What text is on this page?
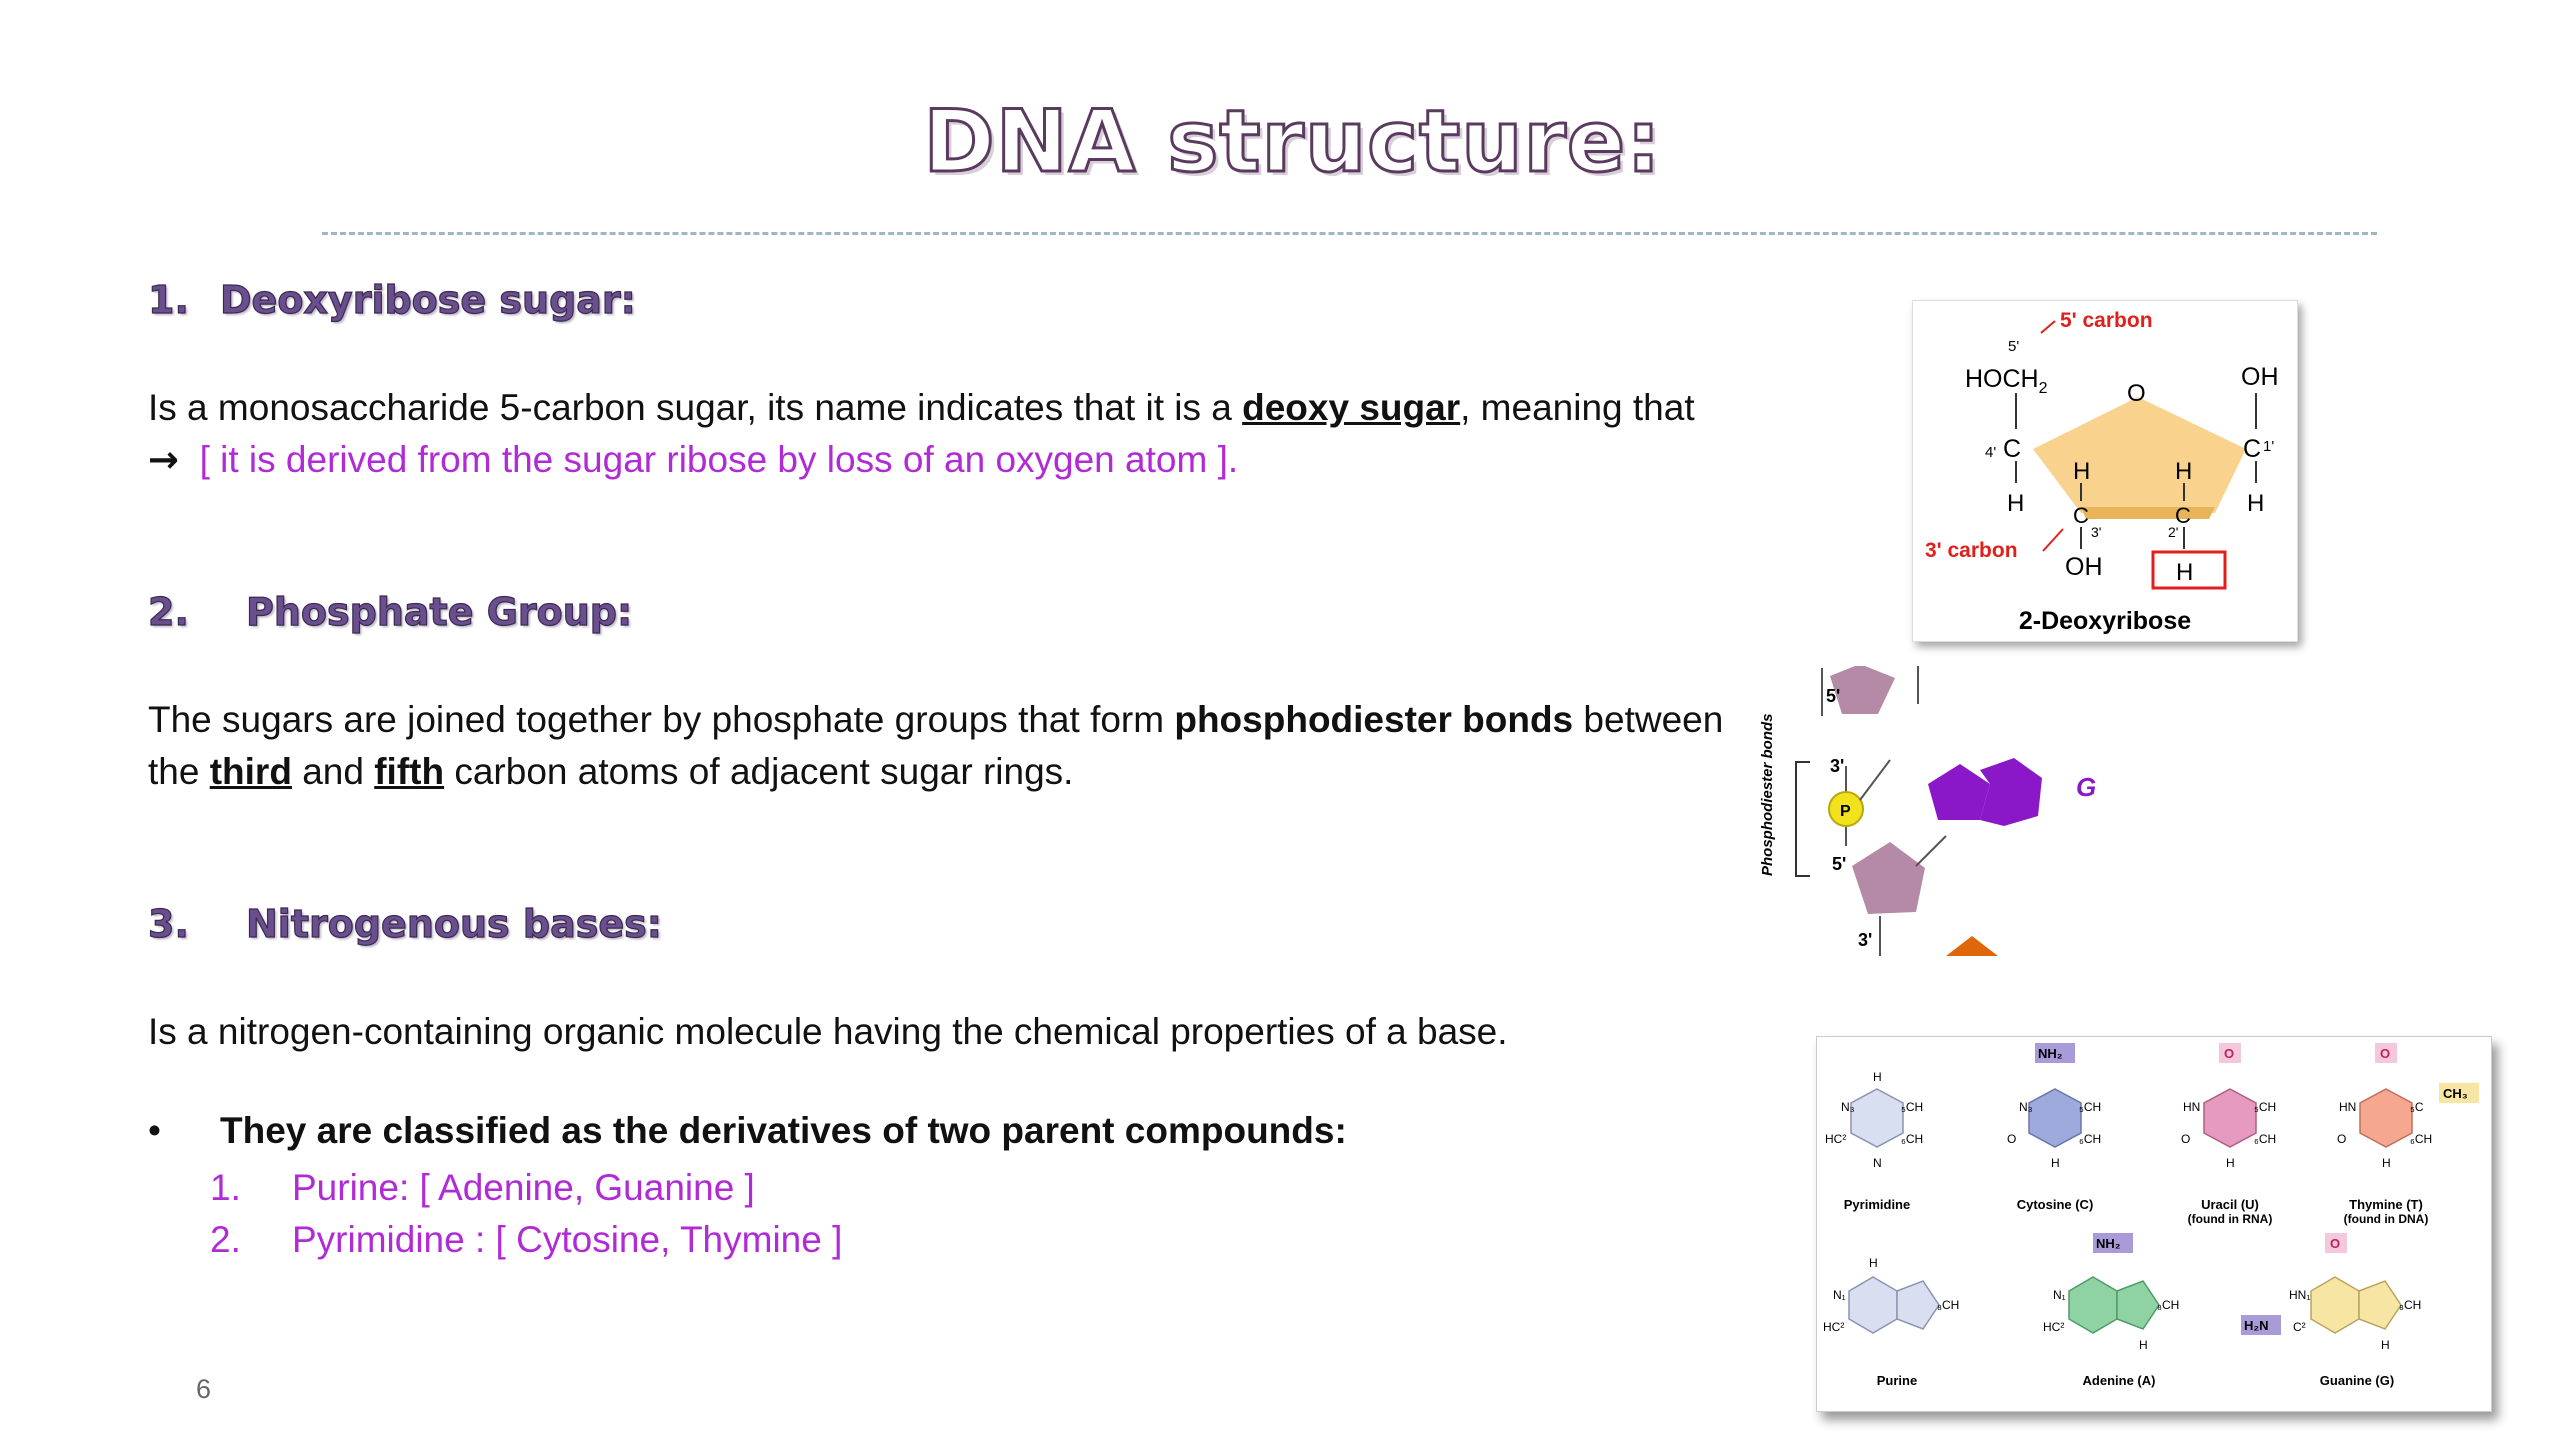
DNA structure:
1. Deoxyribose sugar:
Is a monosaccharide 5-carbon sugar, its name indicates that it is a deoxy sugar, meaning that → [ it is derived from the sugar ribose by loss of an oxygen atom ].
2. Phosphate Group:
The sugars are joined together by phosphate groups that form phosphodiester bonds between the third and fifth carbon atoms of adjacent sugar rings.
3. Nitrogenous bases:
Is a nitrogen-containing organic molecule having the chemical properties of a base.
• They are classified as the derivatives of two parent compounds:
1. Purine: [ Adenine, Guanine ]
2. Pyrimidine : [ Cytosine, Thymine ]
6
5' carbon
5'
$HOCH_2$	OH
O
4' C	C 1'
H	H
H	H
C	C
3'	2'
3' carbon
OH	H
2-Deoxyribose
Phosphodiester bonds
5'
3'
P
G
5'
3'
N₃	₅CH
HC²	₆CH
N
H
Pyrimidine
NH₂
N₃	₅CH
O	₆CH
H
Cytosine (C)
O
HN	₅CH
O	₆CH
H
Uracil (U)
(found in RNA)
O
CH₃
HN	₅C
O	₆CH
H
Thymine (T)
(found in DNA)
H
N₁
HC²
₈CH
Purine
NH₂
N₁
HC²
₈CH
H
Adenine (A)
O
H₂N
HN₁
C²
₈CH
H
Guanine (G)
